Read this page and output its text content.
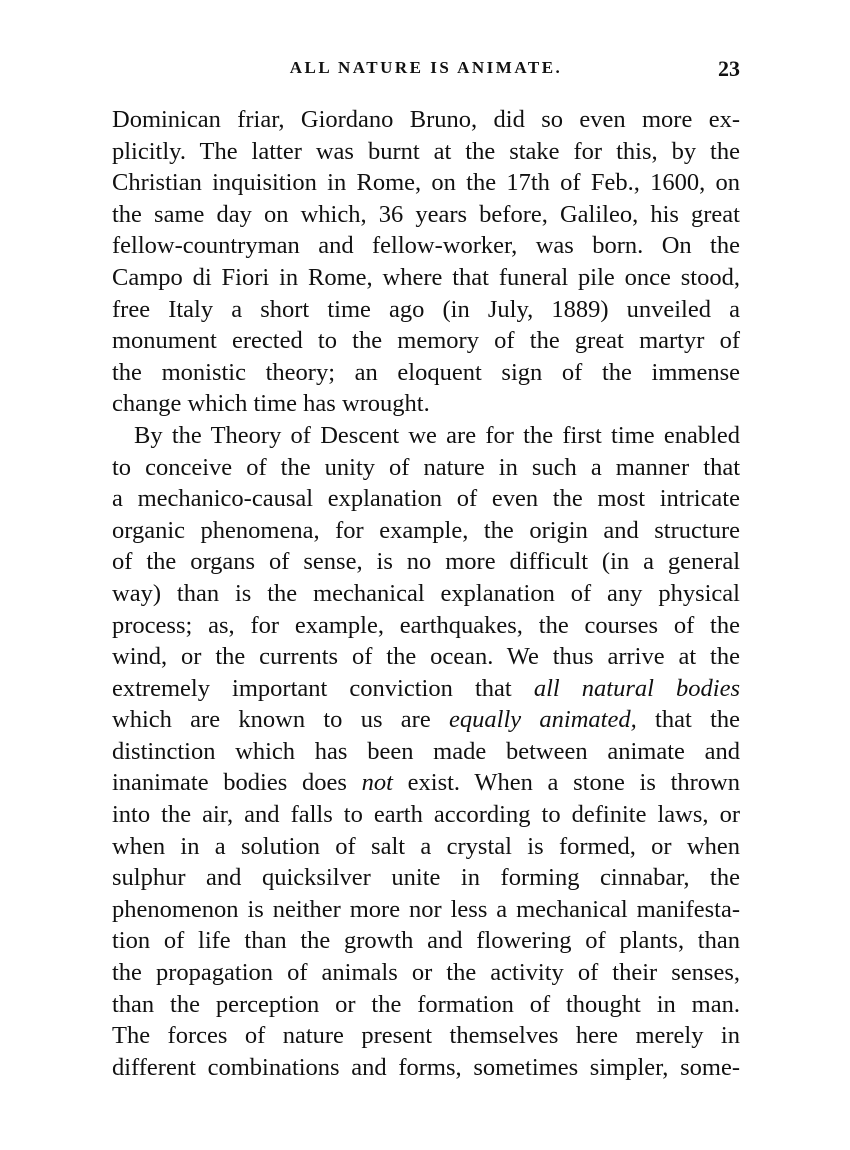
ALL NATURE IS ANIMATE.	23
Dominican friar, Giordano Bruno, did so even more ex-
plicitly. The latter was burnt at the stake for this, by the
Christian inquisition in Rome, on the 17th of Feb., 1600, on
the same day on which, 36 years before, Galileo, his great
fellow-countryman and fellow-worker, was born. On the
Campo di Fiori in Rome, where that funeral pile once stood,
free Italy a short time ago (in July, 1889) unveiled a
monument erected to the memory of the great martyr of
the monistic theory; an eloquent sign of the immense
change which time has wrought.
By the Theory of Descent we are for the first time enabled
to conceive of the unity of nature in such a manner that
a mechanico-causal explanation of even the most intricate
organic phenomena, for example, the origin and structure
of the organs of sense, is no more difficult (in a general
way) than is the mechanical explanation of any physical
process; as, for example, earthquakes, the courses of the
wind, or the currents of the ocean. We thus arrive at the
extremely important conviction that all natural bodies
which are known to us are equally animated, that the
distinction which has been made between animate and
inanimate bodies does not exist. When a stone is thrown
into the air, and falls to earth according to definite laws, or
when in a solution of salt a crystal is formed, or when
sulphur and quicksilver unite in forming cinnabar, the
phenomenon is neither more nor less a mechanical manifesta-
tion of life than the growth and flowering of plants, than
the propagation of animals or the activity of their senses,
than the perception or the formation of thought in man.
The forces of nature present themselves here merely in
different combinations and forms, sometimes simpler, some-
